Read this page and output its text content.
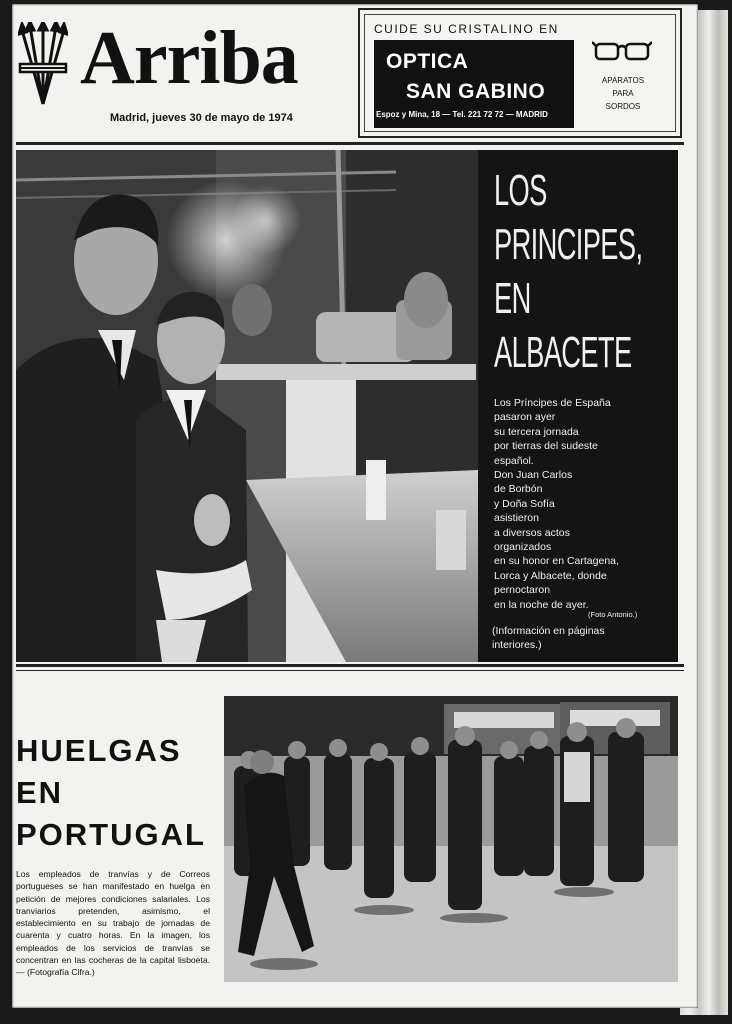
Arriba
Madrid, jueves 30 de mayo de 1974
CUIDE SU CRISTALINO EN
OPTICA
SAN GABINO
Espoz y Mina, 18 — Tel. 221 72 72 — MADRID
APARATOS
PARA
SORDOS
LOS
PRINCIPES,
EN
ALBACETE
Los Príncipes de España
pasaron ayer
su tercera jornada
por tierras del sudeste
español.
Don Juan Carlos
de Borbón
y Doña Sofía
asistieron
a diversos actos
organizados
en su honor en Cartagena,
Lorca y Albacete, donde
pernoctaron
en la noche de ayer.
(Foto Antonio.)
(Información en páginas interiores.)
HUELGAS
EN
PORTUGAL
Los empleados de tranvías y de Correos portugueses se han manifestado en huelga en petición de mejores condiciones salariales. Los tranviarios pretenden, asimismo, el establecimiento en su trabajo de jornadas de cuarenta y cuatro horas. En la imagen, los empleados de los servicios de tranvías se concentran en las cocheras de la capital lisboeta. — (Fotografía Cifra.)
